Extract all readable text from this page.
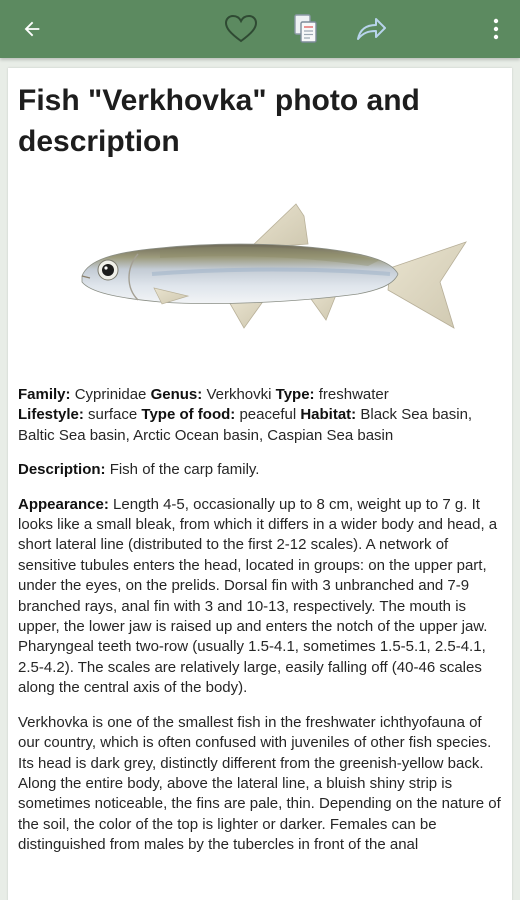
Fish "Verkhovka" photo and description

Family: Cyprinidae Genus: Verkhovki Type: freshwater
Lifestyle: surface Type of food: peaceful Habitat: Black Sea basin, Baltic Sea basin, Arctic Ocean basin, Caspian Sea basin

Description: Fish of the carp family.

Appearance: Length 4-5, occasionally up to 8 cm, weight up to 7 g. It looks like a small bleak, from which it differs in a wider body and head, a short lateral line (distributed to the first 2-12 scales). A network of sensitive tubules enters the head, located in groups: on the upper part, under the eyes, on the prelids. Dorsal fin with 3 unbranched and 7-9 branched rays, anal fin with 3 and 10-13, respectively. The mouth is upper, the lower jaw is raised up and enters the notch of the upper jaw. Pharyngeal teeth two-row (usually 1.5-4.1, sometimes 1.5-5.1, 2.5-4.1, 2.5-4.2). The scales are relatively large, easily falling off (40-46 scales along the central axis of the body).

Verkhovka is one of the smallest fish in the freshwater ichthyofauna of our country, which is often confused with juveniles of other fish species. Its head is dark grey, distinctly different from the greenish-yellow back. Along the entire body, above the lateral line, a bluish shiny strip is sometimes noticeable, the fins are pale, thin. Depending on the nature of the soil, the color of the top is lighter or darker. Females can be distinguished from males by the tubercles in front of the anal
